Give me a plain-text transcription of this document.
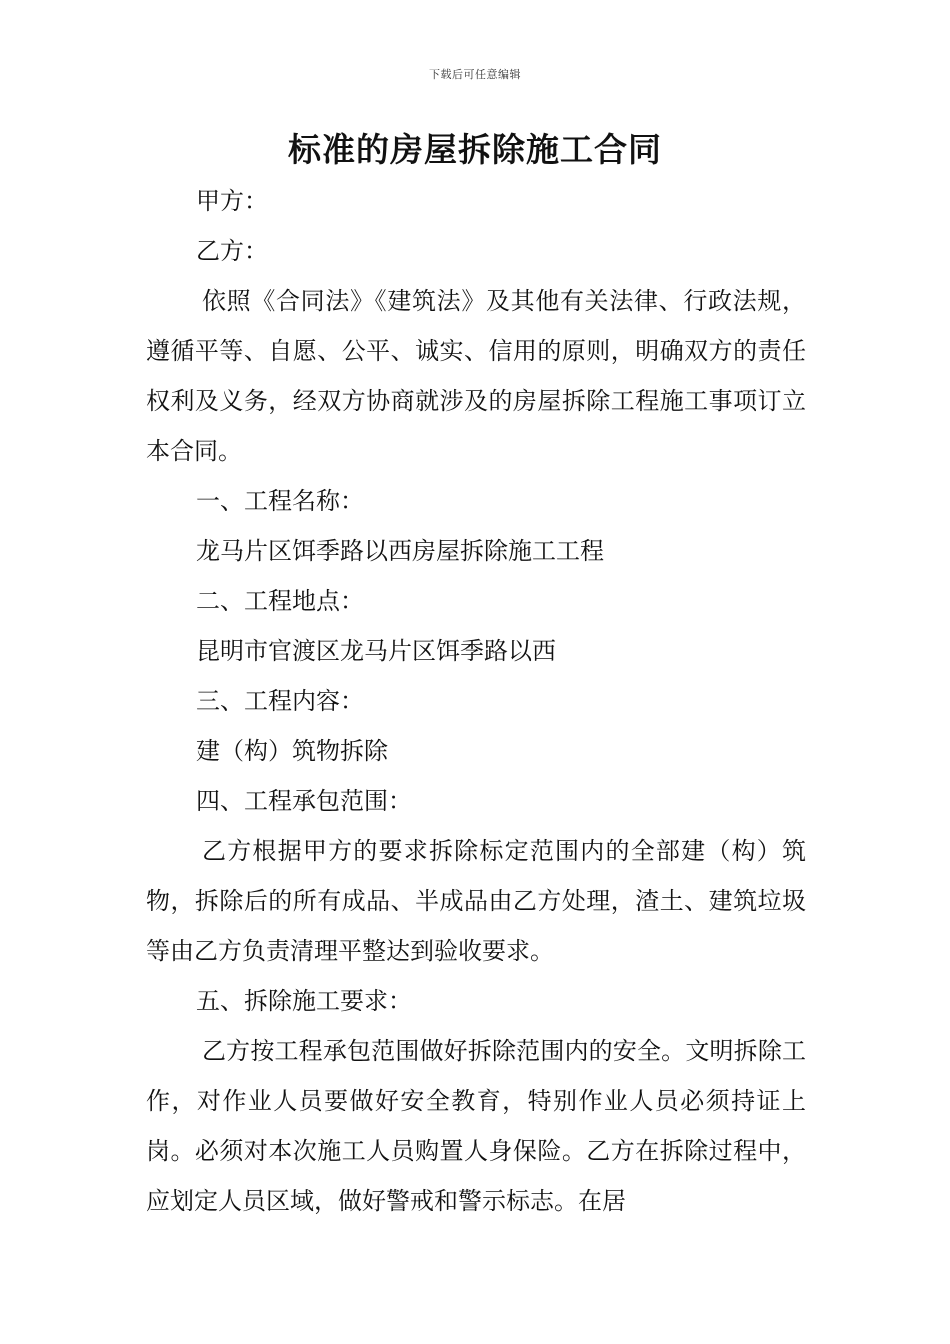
下载后可任意编辑
标准的房屋拆除施工合同
甲方：
乙方：

依照《合同法》《建筑法》及其他有关法律、行政法规，遵循平等、自愿、公平、诚实、信用的原则，明确双方的责任权利及义务，经双方协商就涉及的房屋拆除工程施工事项订立本合同。

一、工程名称：
龙马片区饵季路以西房屋拆除施工工程
二、工程地点：
昆明市官渡区龙马片区饵季路以西
三、工程内容：
建（构）筑物拆除
四、工程承包范围：

乙方根据甲方的要求拆除标定范围内的全部建（构）筑物，拆除后的所有成品、半成品由乙方处理，渣土、建筑垃圾等由乙方负责清理平整达到验收要求。

五、拆除施工要求：

乙方按工程承包范围做好拆除范围内的安全。文明拆除工作，对作业人员要做好安全教育，特别作业人员必须持证上岗。必须对本次施工人员购置人身保险。乙方在拆除过程中，应划定人员区域，做好警戒和警示标志。在居
